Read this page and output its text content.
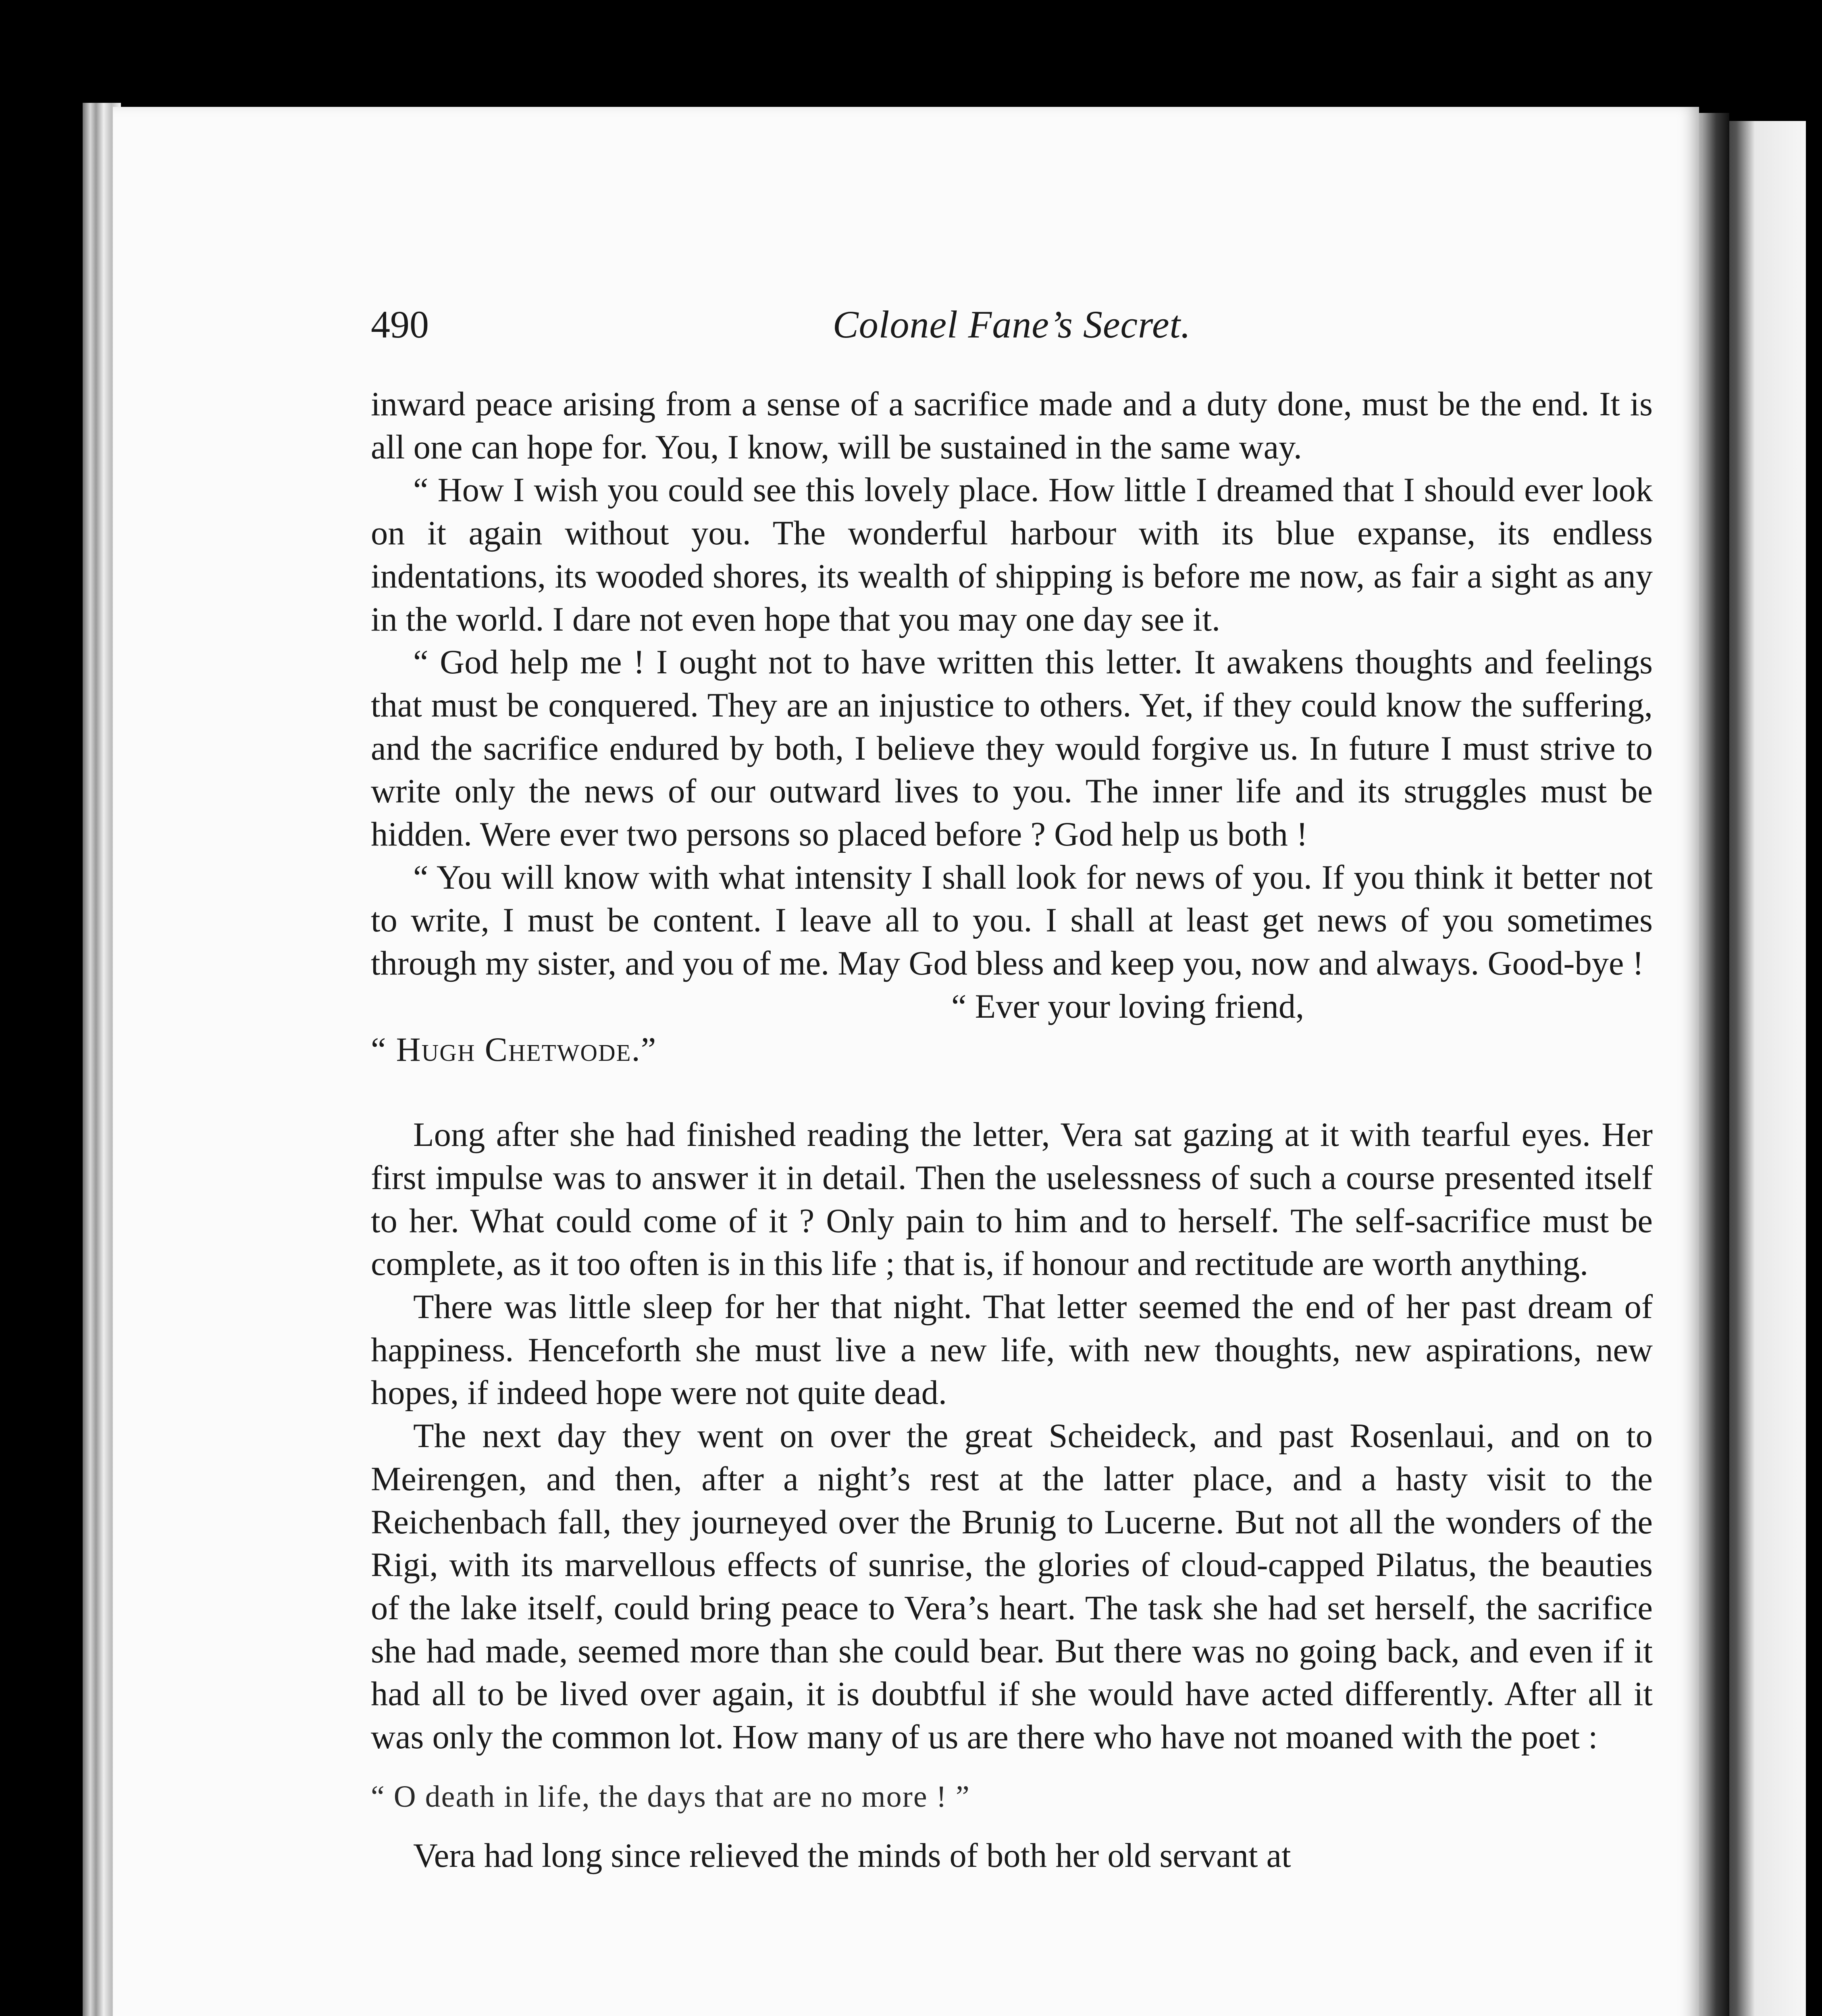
490	Colonel Fane’s Secret.

inward peace arising from a sense of a sacrifice made and a duty done, must be the end. It is all one can hope for. You, I know, will be sustained in the same way.

“ How I wish you could see this lovely place. How little I dreamed that I should ever look on it again without you. The wonderful harbour with its blue expanse, its endless indentations, its wooded shores, its wealth of shipping is before me now, as fair a sight as any in the world. I dare not even hope that you may one day see it.

“ God help me ! I ought not to have written this letter. It awakens thoughts and feelings that must be conquered. They are an injustice to others. Yet, if they could know the suffering, and the sacrifice endured by both, I believe they would forgive us. In future I must strive to write only the news of our outward lives to you. The inner life and its struggles must be hidden. Were ever two persons so placed before ? God help us both !

“ You will know with what intensity I shall look for news of you. If you think it better not to write, I must be content. I leave all to you. I shall at least get news of you sometimes through my sister, and you of me. May God bless and keep you, now and always. Good-bye !

“ Ever your loving friend,

“ Hugh Chetwode.”

Long after she had finished reading the letter, Vera sat gazing at it with tearful eyes. Her first impulse was to answer it in detail. Then the uselessness of such a course presented itself to her. What could come of it ? Only pain to him and to herself. The self-sacrifice must be complete, as it too often is in this life ; that is, if honour and rectitude are worth anything.

There was little sleep for her that night. That letter seemed the end of her past dream of happiness. Henceforth she must live a new life, with new thoughts, new aspirations, new hopes, if indeed hope were not quite dead.

The next day they went on over the great Scheideck, and past Rosenlaui, and on to Meirengen, and then, after a night’s rest at the latter place, and a hasty visit to the Reichenbach fall, they journeyed over the Brunig to Lucerne. But not all the wonders of the Rigi, with its marvellous effects of sunrise, the glories of cloud-capped Pilatus, the beauties of the lake itself, could bring peace to Vera’s heart. The task she had set herself, the sacrifice she had made, seemed more than she could bear. But there was no going back, and even if it had all to be lived over again, it is doubtful if she would have acted differently. After all it was only the common lot. How many of us are there who have not moaned with the poet :

“ O death in life, the days that are no more ! ”

Vera had long since relieved the minds of both her old servant at
